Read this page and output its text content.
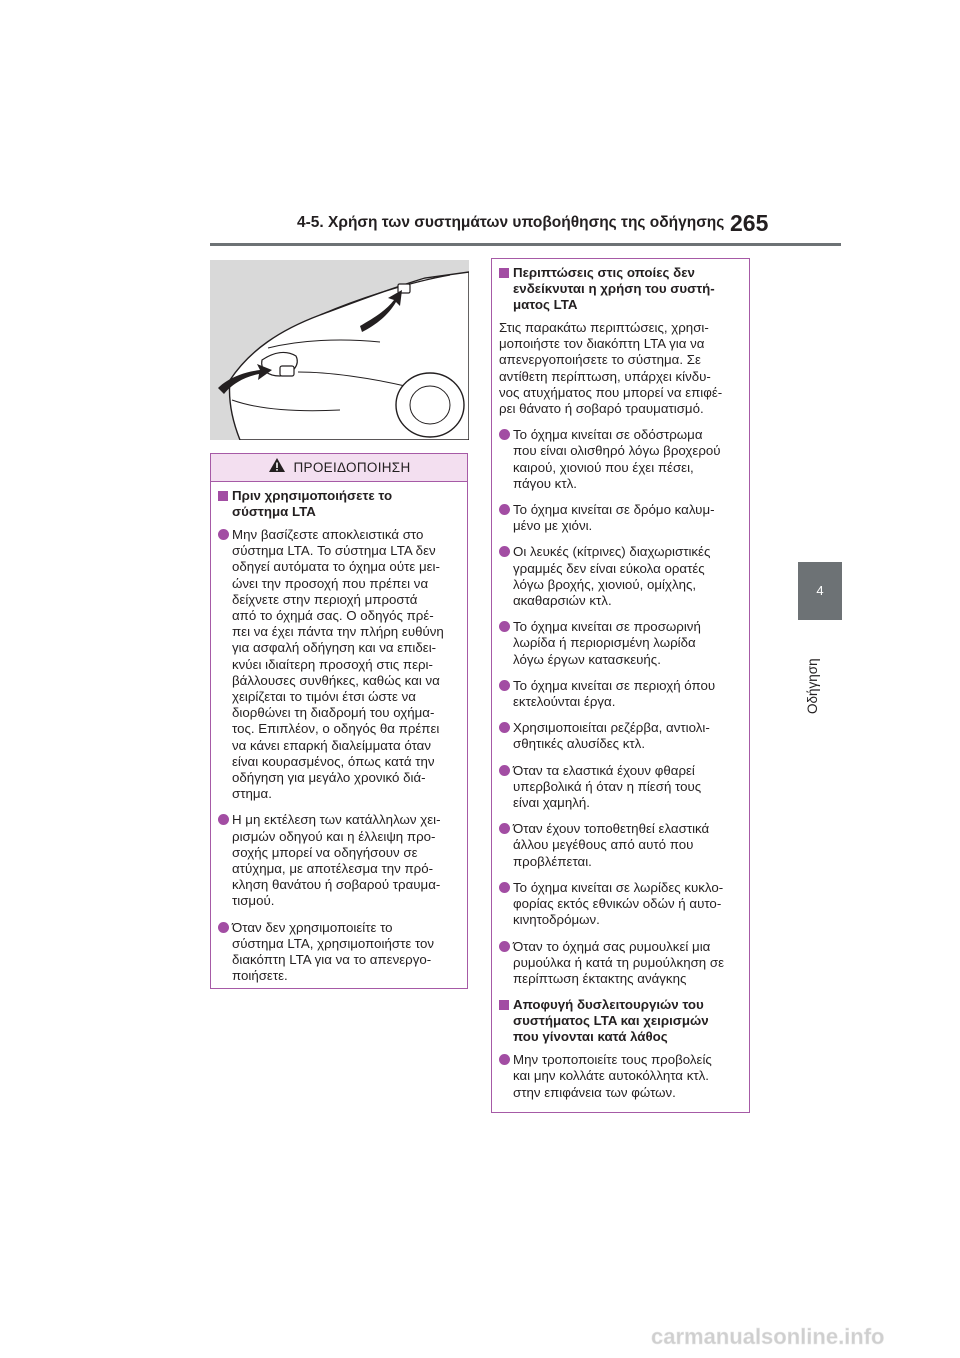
4-5. Χρήση των συστημάτων υποβοήθησης της οδήγησης 265
4
Οδήγηση
ΠΡΟΕΙΔΟΠΟΙΗΣΗ
Πριν χρησιμοποιήσετε το
σύστημα LTA
Μην βασίζεστε αποκλειστικά στο
σύστημα LTA. Το σύστημα LTA δεν
οδηγεί αυτόματα το όχημα ούτε μει-
ώνει την προσοχή που πρέπει να
δείχνετε στην περιοχή μπροστά
από το όχημά σας. Ο οδηγός πρέ-
πει να έχει πάντα την πλήρη ευθύνη
για ασφαλή οδήγηση και να επιδει-
κνύει ιδιαίτερη προσοχή στις περι-
βάλλουσες συνθήκες, καθώς και να
χειρίζεται το τιμόνι έτσι ώστε να
διορθώνει τη διαδρομή του οχήμα-
τος. Επιπλέον, ο οδηγός θα πρέπει
να κάνει επαρκή διαλείμματα όταν
είναι κουρασμένος, όπως κατά την
οδήγηση για μεγάλο χρονικό διά-
στημα.
Η μη εκτέλεση των κατάλληλων χει-
ρισμών οδηγού και η έλλειψη προ-
σοχής μπορεί να οδηγήσουν σε
ατύχημα, με αποτέλεσμα την πρό-
κληση θανάτου ή σοβαρού τραυμα-
τισμού.
Όταν δεν χρησιμοποιείτε το
σύστημα LTA, χρησιμοποιήστε τον
διακόπτη LTA για να το απενεργο-
ποιήσετε.
Περιπτώσεις στις οποίες δεν
ενδείκνυται η χρήση του συστή-
ματος LTA
Στις παρακάτω περιπτώσεις, χρησι-
μοποιήστε τον διακόπτη LTA για να
απενεργοποιήσετε το σύστημα. Σε
αντίθετη περίπτωση, υπάρχει κίνδυ-
νος ατυχήματος που μπορεί να επιφέ-
ρει θάνατο ή σοβαρό τραυματισμό.
Το όχημα κινείται σε οδόστρωμα
που είναι ολισθηρό λόγω βροχερού
καιρού, χιονιού που έχει πέσει,
πάγου κτλ.
Το όχημα κινείται σε δρόμο καλυμ-
μένο με χιόνι.
Οι λευκές (κίτρινες) διαχωριστικές
γραμμές δεν είναι εύκολα ορατές
λόγω βροχής, χιονιού, ομίχλης,
ακαθαρσιών κτλ.
Το όχημα κινείται σε προσωρινή
λωρίδα ή περιορισμένη λωρίδα
λόγω έργων κατασκευής.
Το όχημα κινείται σε περιοχή όπου
εκτελούνται έργα.
Χρησιμοποιείται ρεζέρβα, αντιολι-
σθητικές αλυσίδες κτλ.
Όταν τα ελαστικά έχουν φθαρεί
υπερβολικά ή όταν η πίεσή τους
είναι χαμηλή.
Όταν έχουν τοποθετηθεί ελαστικά
άλλου μεγέθους από αυτό που
προβλέπεται.
Το όχημα κινείται σε λωρίδες κυκλο-
φορίας εκτός εθνικών οδών ή αυτο-
κινητοδρόμων.
Όταν το όχημά σας ρυμουλκεί μια
ρυμούλκα ή κατά τη ρυμούλκηση σε
περίπτωση έκτακτης ανάγκης
Αποφυγή δυσλειτουργιών του
συστήματος LTA και χειρισμών
που γίνονται κατά λάθος
Μην τροποποιείτε τους προβολείς
και μην κολλάτε αυτοκόλλητα κτλ.
στην επιφάνεια των φώτων.
carmanualsonline.info
